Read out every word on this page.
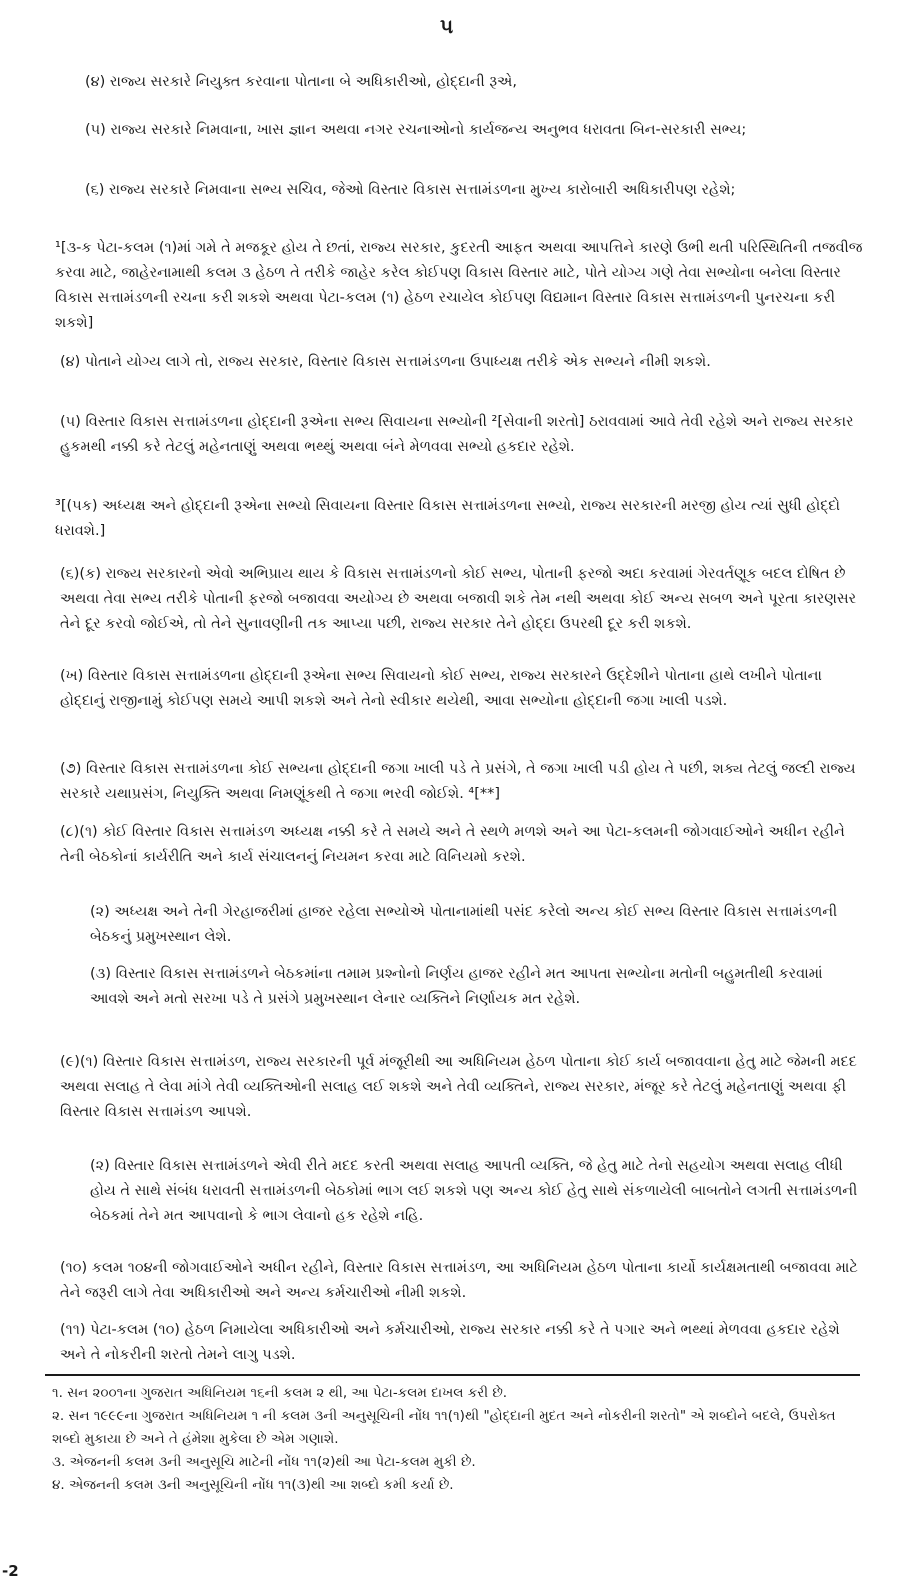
૫

(૪) રાજ્ય સરકારે નિયુક્ત કરવાના પોતાના બે અધિકારીઓ, હોદ્દાની રૂએ,

(૫) રાજ્ય સરકારે નિમવાના, ખાસ જ્ઞાન અથવા નગર રચનાઓનો કાર્યજન્ય અનુભવ ધરાવતા બિન-સરકારી સભ્ય;

(૬) રાજ્ય સરકારે નિમવાના સભ્ય સચિવ, જેઓ વિસ્તાર વિકાસ સત્તામંડળના મુખ્ય કારોબારી અધિકારીપણ રહેશે;

¹[૩-ક પેટા-કલમ (૧)માં ગમે તે મજકૂર હોય તે છતાં, રાજ્ય સરકાર, કુદરતી આફત અથવા આપત્તિને કારણે ઉભી થતી પરિસ્થિતિની તજવીજ કરવા માટે, જાહેરનામાથી કલમ ૩ હેઠળ તે તરીકે જાહેર કરેલ કોઈપણ વિકાસ વિસ્તાર માટે, પોતે યોગ્ય ગણે તેવા સભ્યોના બનેલા વિસ્તાર વિકાસ સત્તામંડળની રચના કરી શકશે અથવા પેટા-કલમ (૧) હેઠળ રચાયેલ કોઈપણ વિદ્યમાન વિસ્તાર વિકાસ સત્તામંડળની પુનરચના કરી શકશે]

(૪) પોતાને યોગ્ય લાગે તો, રાજ્ય સરકાર, વિસ્તાર વિકાસ સત્તામંડળના ઉપાધ્યક્ષ તરીકે એક સભ્યને નીમી શકશે.

(૫) વિસ્તાર વિકાસ સત્તામંડળના હોદ્દાની રૂએના સભ્ય સિવાયના સભ્યોની ²[સેવાની શરતો] ઠરાવવામાં આવે તેવી રહેશે અને રાજ્ય સરકાર હુકમથી નક્કી કરે તેટલું મહેનતાણું અથવા ભથ્થું અથવા બંને મેળવવા સભ્યો હકદાર રહેશે.

³[(૫ક) અધ્યક્ષ અને હોદ્દાની રૂએના સભ્યો સિવાયના વિસ્તાર વિકાસ સત્તામંડળના સભ્યો, રાજ્ય સરકારની મરજી હોય ત્યાં સુધી હોદ્દો ધરાવશે.]

(૬)(ક) રાજ્ય સરકારનો એવો અભિપ્રાય થાય કે વિકાસ સત્તામંડળનો કોઈ સભ્ય, પોતાની ફરજો અદા કરવામાં ગેરવર્તણૂક બદલ દોષિત છે અથવા તેવા સભ્ય તરીકે પોતાની ફરજો બજાવવા અયોગ્ય છે અથવા બજાવી શકે તેમ નથી અથવા કોઈ અન્ય સબળ અને પૂરતા કારણસર તેને દૂર કરવો જોઈએ, તો તેને સુનાવણીની તક આપ્યા પછી, રાજ્ય સરકાર તેને હોદ્દા ઉપરથી દૂર કરી શકશે.

(ખ) વિસ્તાર વિકાસ સત્તામંડળના હોદ્દાની રૂએના સભ્ય સિવાયનો કોઈ સભ્ય, રાજ્ય સરકારને ઉદ્દેશીને પોતાના હાથે લખીને પોતાના હોદ્દાનું રાજીનામું કોઈપણ સમયે આપી શકશે અને તેનો સ્વીકાર થયેથી, આવા સભ્યોના હોદ્દાની જગા ખાલી પડશે.

(૭) વિસ્તાર વિકાસ સત્તામંડળના કોઈ સભ્યના હોદ્દાની જગા ખાલી પડે તે પ્રસંગે, તે જગા ખાલી પડી હોય તે પછી, શક્ય તેટલું જલ્દી રાજ્ય સરકારે યથાપ્રસંગ, નિયુક્તિ અથવા નિમણૂંકથી તે જગા ભરવી જોઈશે. ⁴[**]

(૮)(૧) કોઈ વિસ્તાર વિકાસ સત્તામંડળ અધ્યક્ષ નક્કી કરે તે સમયે અને તે સ્થળે મળશે અને આ પેટા-કલમની જોગવાઈઓને અધીન રહીને તેની બેઠકોનાં કાર્યરીતિ અને કાર્ય સંચાલનનું નિયમન કરવા માટે વિનિયમો કરશે.

(૨) અધ્યક્ષ અને તેની ગેરહાજરીમાં હાજર રહેલા સભ્યોએ પોતાનામાંથી પસંદ કરેલો અન્ય કોઈ સભ્ય વિસ્તાર વિકાસ સત્તામંડળની બેઠકનું પ્રમુખસ્થાન લેશે.

(૩) વિસ્તાર વિકાસ સત્તામંડળને બેઠકમાંના તમામ પ્રશ્નોનો નિર્ણય હાજર રહીને મત આપતા સભ્યોના મતોની બહુમતીથી કરવામાં આવશે અને મતો સરખા પડે તે પ્રસંગે પ્રમુખસ્થાન લેનાર વ્યક્તિને નિર્ણાયક મત રહેશે.

(૯)(૧) વિસ્તાર વિકાસ સત્તામંડળ, રાજ્ય સરકારની પૂર્વ મંજૂરીથી આ અધિનિયમ હેઠળ પોતાના કોઈ કાર્ય બજાવવાના હેતુ માટે જેમની મદદ અથવા સલાહ તે લેવા માંગે તેવી વ્યક્તિઓની સલાહ લઈ શકશે અને તેવી વ્યક્તિને, રાજ્ય સરકાર, મંજૂર કરે તેટલું મહેનતાણું અથવા ફી વિસ્તાર વિકાસ સત્તામંડળ આપશે.

(૨) વિસ્તાર વિકાસ સત્તામંડળને એવી રીતે મદદ કરતી અથવા સલાહ આપતી વ્યક્તિ, જે હેતુ માટે તેનો સહયોગ અથવા સલાહ લીધી હોય તે સાથે સંબંધ ધરાવતી સત્તામંડળની બેઠકોમાં ભાગ લઈ શકશે પણ અન્ય કોઈ હેતુ સાથે સંકળાયેલી બાબતોને લગતી સત્તામંડળની બેઠકમાં તેને મત આપવાનો કે ભાગ લેવાનો હક રહેશે નહિ.

(૧૦) કલમ ૧૦૪ની જોગવાઈઓને અધીન રહીને, વિસ્તાર વિકાસ સત્તામંડળ, આ અધિનિયમ હેઠળ પોતાના કાર્યો કાર્યક્ષમતાથી બજાવવા માટે તેને જરૂરી લાગે તેવા અધિકારીઓ અને અન્ય કર્મચારીઓ નીમી શકશે.

(૧૧) પેટા-કલમ (૧૦) હેઠળ નિમાયેલા અધિકારીઓ અને કર્મચારીઓ, રાજ્ય સરકાર નક્કી કરે તે પગાર અને ભથ્થાં મેળવવા હકદાર રહેશે અને તે નોકરીની શરતો તેમને લાગુ પડશે.

૧. સન ૨૦૦૧ના ગુજરાત અધિનિયમ ૧૬ની કલમ ૨ થી, આ પેટા-કલમ દાખલ કરી છે.

૨. સન ૧૯૯૯ના ગુજરાત અધિનિયમ ૧ ની કલમ ૩ની અનુસૂચિની નોંધ ૧૧(૧)થી "હોદ્દાની મુદત અને નોકરીની શરતો" એ શબ્દોને બદલે, ઉપરોક્ત શબ્દો મુકાયા છે અને તે હંમેશા મુકેલા છે એમ ગણાશે.

૩. એજનની કલમ ૩ની અનુસૂચિ માટેની નોંધ ૧૧(૨)થી આ પેટા-કલમ મુકી છે.

૪. એજનની કલમ ૩ની અનુસૂચિની નોંધ ૧૧(૩)થી આ શબ્દો કમી કર્યા છે.

-2
